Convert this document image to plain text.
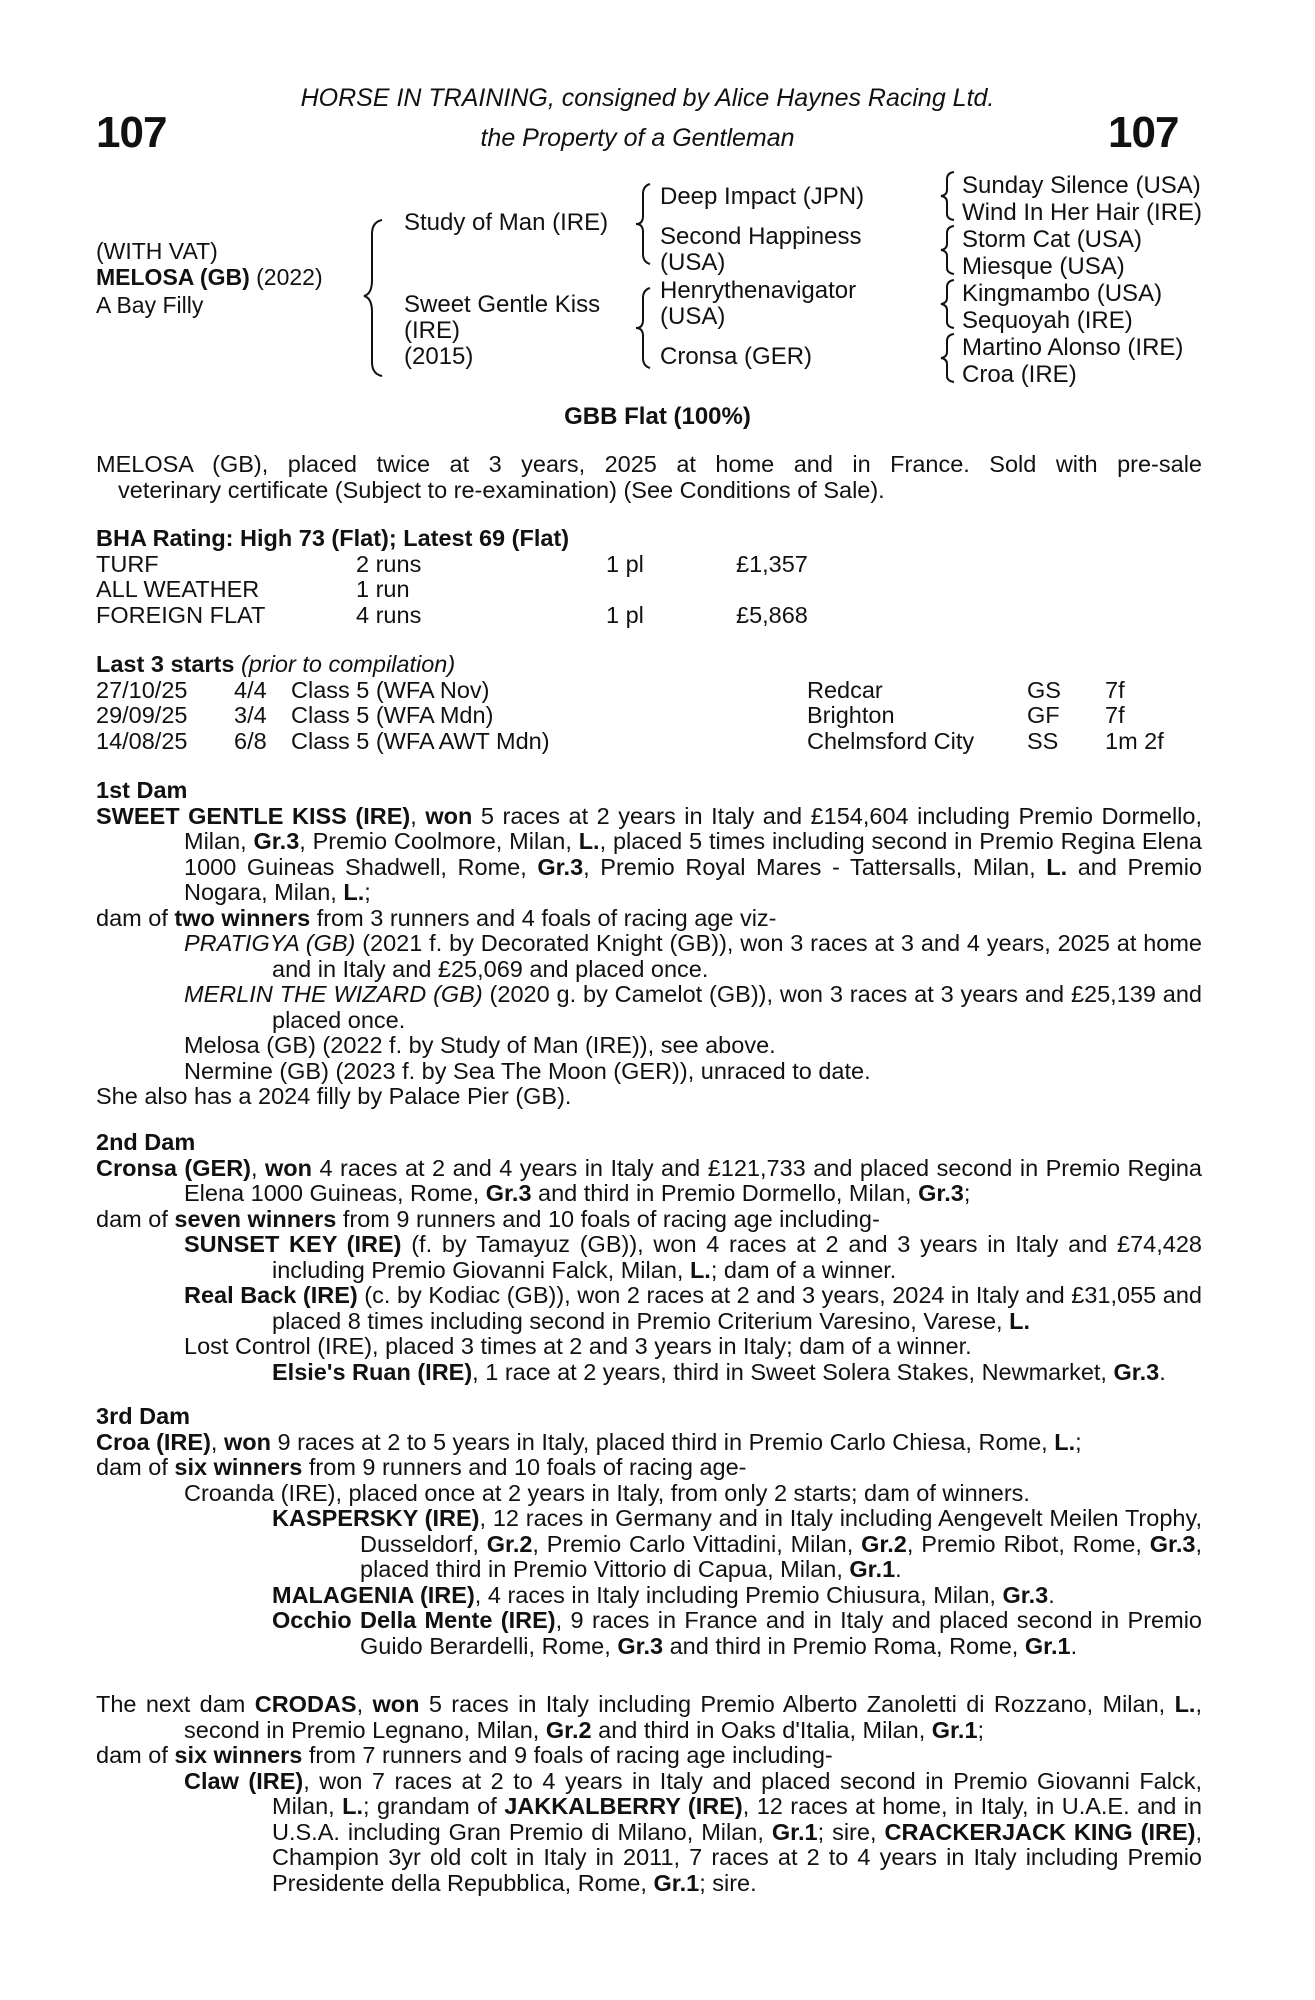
107	107
HORSE IN TRAINING, consigned by Alice Haynes Racing Ltd.
the Property of a Gentleman
(WITH VAT)
MELOSA (GB) (2022)
A Bay Filly
Study of Man (IRE)
Sweet Gentle Kiss
(IRE)
(2015)
Deep Impact (JPN)
Second Happiness
(USA)
Henrythenavigator
(USA)
Cronsa (GER)
Sunday Silence (USA)
Wind In Her Hair (IRE)
Storm Cat (USA)
Miesque (USA)
Kingmambo (USA)
Sequoyah (IRE)
Martino Alonso (IRE)
Croa (IRE)
GBB Flat (100%)
MELOSA (GB), placed twice at 3 years, 2025 at home and in France. Sold with pre-sale
veterinary certificate (Subject to re-examination) (See Conditions of Sale).
BHA Rating: High 73 (Flat); Latest 69 (Flat)
TURF	2 runs	1 pl	£1,357
ALL WEATHER	1 run
FOREIGN FLAT	4 runs	1 pl	£5,868
Last 3 starts (prior to compilation)
27/10/25	4/4	Class 5 (WFA Nov)	Redcar	GS	7f
29/09/25	3/4	Class 5 (WFA Mdn)	Brighton	GF	7f
14/08/25	6/8	Class 5 (WFA AWT Mdn)	Chelmsford City	SS	1m 2f
1st Dam

SWEET GENTLE KISS (IRE), won 5 races at 2 years in Italy and £154,604 including Premio Dormello, Milan, Gr.3, Premio Coolmore, Milan, L., placed 5 times including second in Premio Regina Elena 1000 Guineas Shadwell, Rome, Gr.3, Premio Royal Mares - Tattersalls, Milan, L. and Premio Nogara, Milan, L.;

dam of two winners from 3 runners and 4 foals of racing age viz-

PRATIGYA (GB) (2021 f. by Decorated Knight (GB)), won 3 races at 3 and 4 years, 2025 at home and in Italy and £25,069 and placed once.

MERLIN THE WIZARD (GB) (2020 g. by Camelot (GB)), won 3 races at 3 years and £25,139 and placed once.

Melosa (GB) (2022 f. by Study of Man (IRE)), see above.

Nermine (GB) (2023 f. by Sea The Moon (GER)), unraced to date.

She also has a 2024 filly by Palace Pier (GB).

2nd Dam

Cronsa (GER), won 4 races at 2 and 4 years in Italy and £121,733 and placed second in Premio Regina Elena 1000 Guineas, Rome, Gr.3 and third in Premio Dormello, Milan, Gr.3;

dam of seven winners from 9 runners and 10 foals of racing age including-

SUNSET KEY (IRE) (f. by Tamayuz (GB)), won 4 races at 2 and 3 years in Italy and £74,428 including Premio Giovanni Falck, Milan, L.; dam of a winner.

Real Back (IRE) (c. by Kodiac (GB)), won 2 races at 2 and 3 years, 2024 in Italy and £31,055 and placed 8 times including second in Premio Criterium Varesino, Varese, L.

Lost Control (IRE), placed 3 times at 2 and 3 years in Italy; dam of a winner.

Elsie's Ruan (IRE), 1 race at 2 years, third in Sweet Solera Stakes, Newmarket, Gr.3.

3rd Dam

Croa (IRE), won 9 races at 2 to 5 years in Italy, placed third in Premio Carlo Chiesa, Rome, L.;

dam of six winners from 9 runners and 10 foals of racing age-

Croanda (IRE), placed once at 2 years in Italy, from only 2 starts; dam of winners.

KASPERSKY (IRE), 12 races in Germany and in Italy including Aengevelt Meilen Trophy, Dusseldorf, Gr.2, Premio Carlo Vittadini, Milan, Gr.2, Premio Ribot, Rome, Gr.3, placed third in Premio Vittorio di Capua, Milan, Gr.1.

MALAGENIA (IRE), 4 races in Italy including Premio Chiusura, Milan, Gr.3.

Occhio Della Mente (IRE), 9 races in France and in Italy and placed second in Premio Guido Berardelli, Rome, Gr.3 and third in Premio Roma, Rome, Gr.1.

The next dam CRODAS, won 5 races in Italy including Premio Alberto Zanoletti di Rozzano, Milan, L., second in Premio Legnano, Milan, Gr.2 and third in Oaks d'Italia, Milan, Gr.1;

dam of six winners from 7 runners and 9 foals of racing age including-

Claw (IRE), won 7 races at 2 to 4 years in Italy and placed second in Premio Giovanni Falck, Milan, L.; grandam of JAKKALBERRY (IRE), 12 races at home, in Italy, in U.A.E. and in U.S.A. including Gran Premio di Milano, Milan, Gr.1; sire, CRACKERJACK KING (IRE), Champion 3yr old colt in Italy in 2011, 7 races at 2 to 4 years in Italy including Premio Presidente della Repubblica, Rome, Gr.1; sire.
